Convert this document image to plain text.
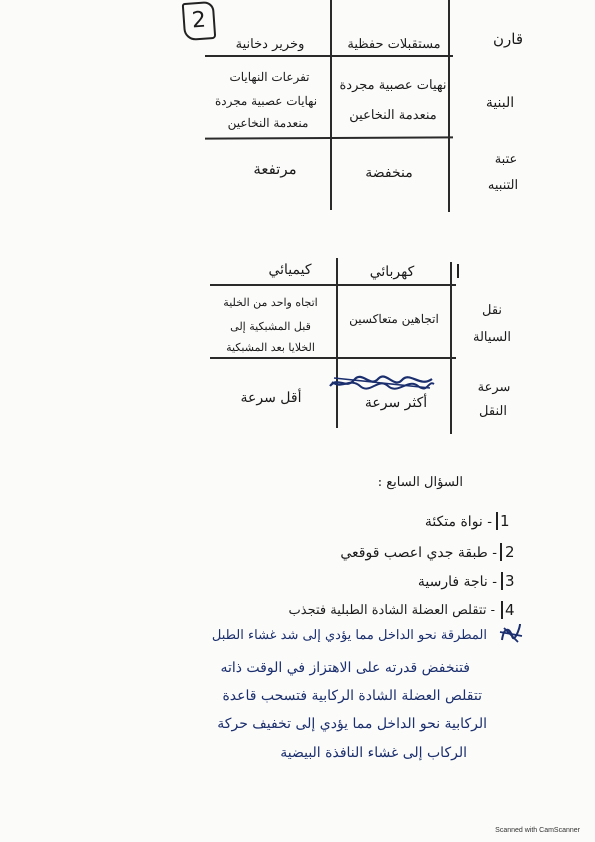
2
قارن
مستقبلات حفظية
وخرير دخانية
البنية
نهيات عصبية مجردة
منعدمة النخاعين
تفرعات النهايات
نهايات عصبية مجردة
منعدمة النخاعين
عتبة
التنبيه
منخفضة
مرتفعة
كهربائي
كيميائي
نقل
السيالة
اتجاهين متعاكسين
اتجاه واحد من الخلية
قبل المشبكية إلى
الخلايا بعد المشبكية
سرعة
النقل
أكثر سرعة
أقل سرعة
السؤال السابع :
1
- نواة متكئة
2
- طبقة جدي اعصب قوقعي
3
- ناجة فارسية
4
- تتقلص العضلة الشادة الطبلية فتجذب
المطرقة نحو الداخل مما يؤدي إلى شد غشاء الطبل
فتنخفض قدرته على الاهتزاز في الوقت ذاته
تتقلص العضلة الشادة الركابية فتسحب قاعدة
الركابية نحو الداخل مما يؤدي إلى تخفيف حركة
الركاب إلى غشاء النافذة البيضية
Scanned with CamScanner
